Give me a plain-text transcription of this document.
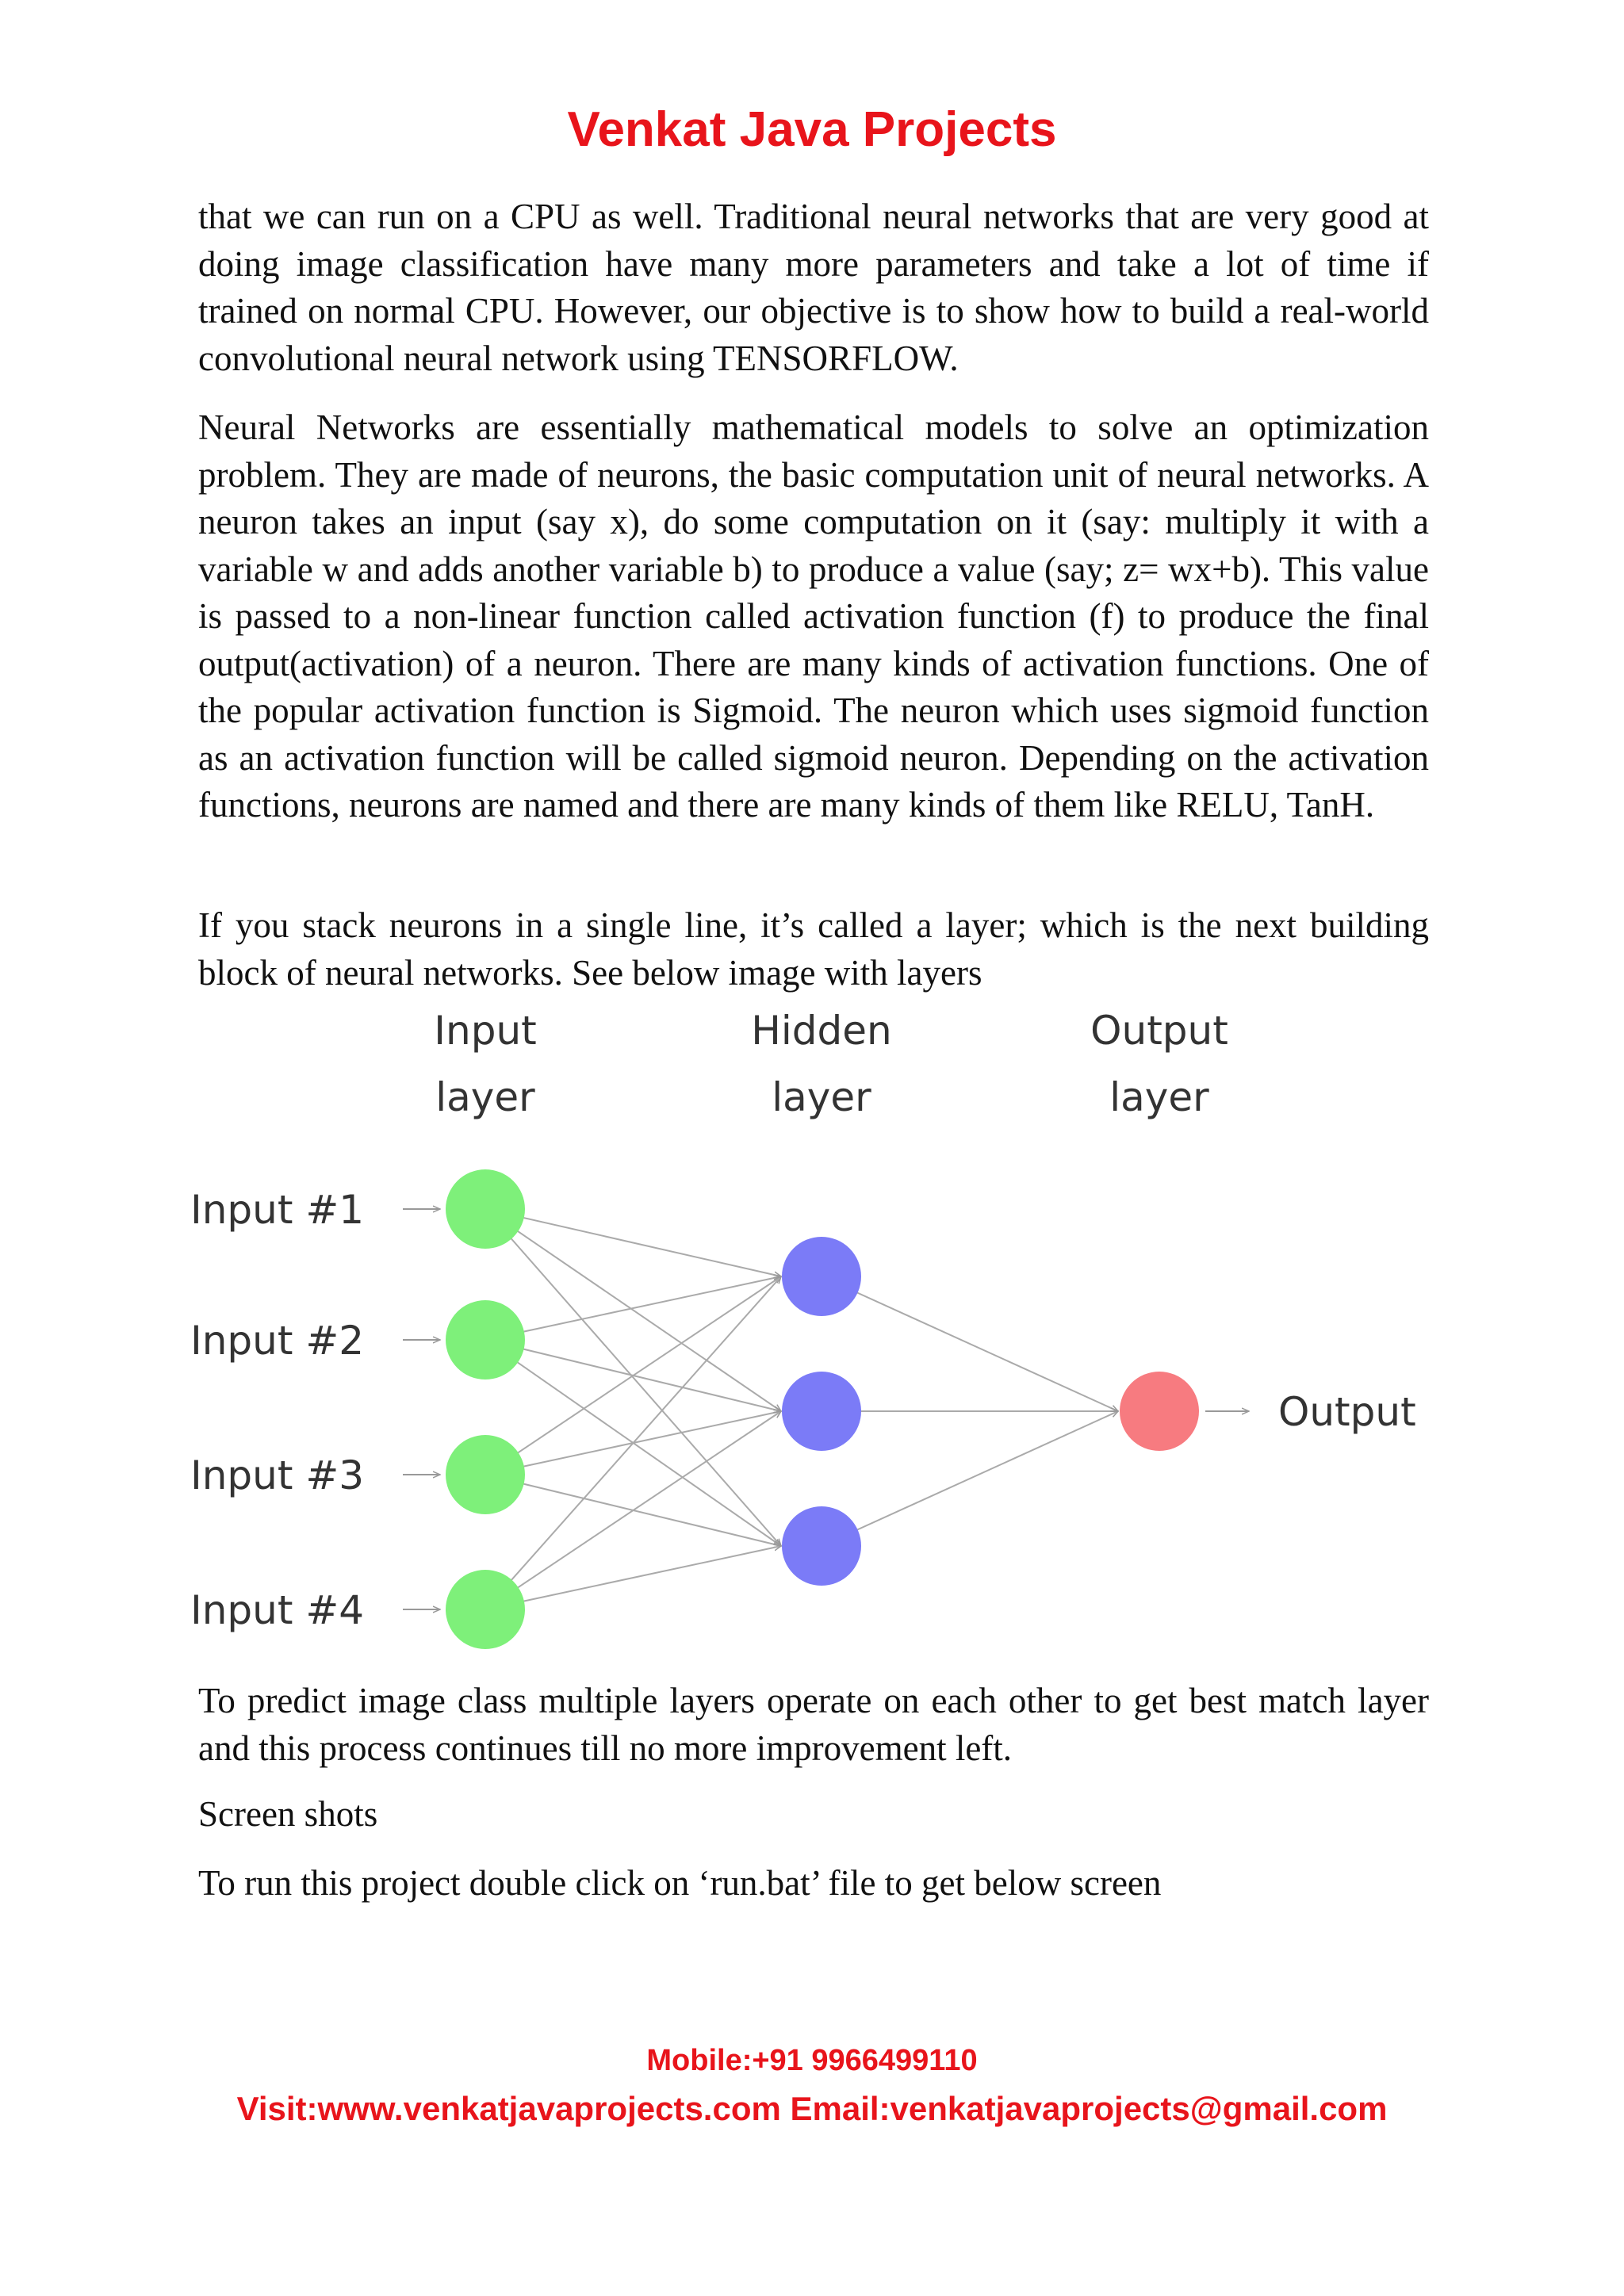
Venkat Java Projects

that we can run on a CPU as well. Traditional neural networks that are very good at doing image classification have many more parameters and take a lot of time if trained on normal CPU. However, our objective is to show how to build a real-world convolutional neural network using TENSORFLOW.

Neural Networks are essentially mathematical models to solve an optimization problem. They are made of neurons, the basic computation unit of neural networks. A neuron takes an input (say x), do some computation on it (say: multiply it with a variable w and adds another variable b) to produce a value (say; z= wx+b). This value is passed to a non-linear function called activation function (f) to produce the final output(activation) of a neuron. There are many kinds of activation functions. One of the popular activation function is Sigmoid. The neuron which uses sigmoid function as an activation function will be called sigmoid neuron. Depending on the activation functions, neurons are named and there are many kinds of them like RELU, TanH.

If you stack neurons in a single line, it’s called a layer; which is the next building block of neural networks. See below image with layers

Input
layer
Hidden
layer
Output
layer
Input #1
Input #2
Input #3
Input #4
Output

To predict image class multiple layers operate on each other to get best match layer and this process continues till no more improvement left.

Screen shots

To run this project double click on ‘run.bat’ file to get below screen

Mobile:+91 9966499110

Visit:www.venkatjavaprojects.com Email:venkatjavaprojects@gmail.com
